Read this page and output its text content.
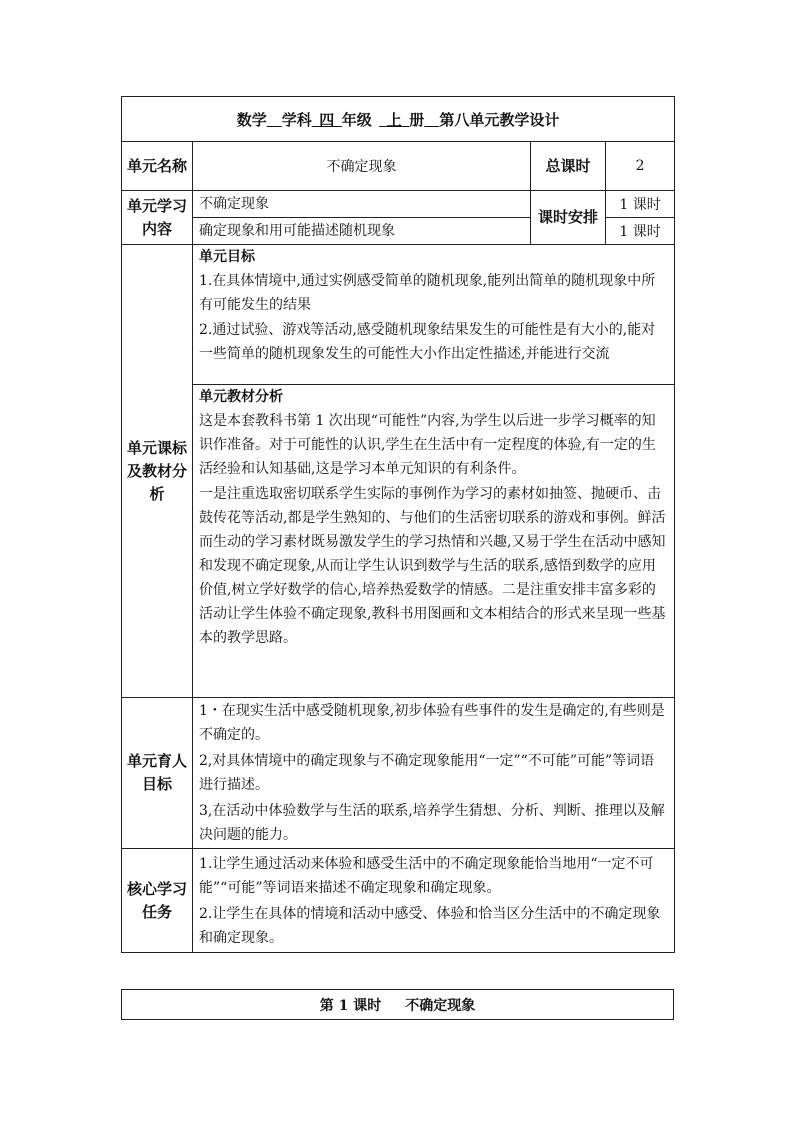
数学  学科  四  年级   上  册  第八单元教学设计			
单元名称	不确定现象	总课时	2
单元学习内容	不确定现象	课时安排	1 课时
	确定现象和用可能描述随机现象		1 课时
单元课标及教材分析	单元目标
1.在具体情境中,通过实例感受简单的随机现象,能列出简单的随机现象中所有可能发生的结果
2.通过试验、游戏等活动,感受随机现象结果发生的可能性是有大小的,能对一些简单的随机现象发生的可能性大小作出定性描述,并能进行交流		

	单元教材分析
这是本套教科书第 1 次出现“可能性”内容,为学生以后进一步学习概率的知识作准备。对于可能性的认识,学生在生活中有一定程度的体验,有一定的生活经验和认知基础,这是学习本单元知识的有利条件。
一是注重选取密切联系学生实际的事例作为学习的素材如抽签、抛硬币、击鼓传花等活动,都是学生熟知的、与他们的生活密切联系的游戏和事例。鲜活而生动的学习素材既易激发学生的学习热情和兴趣,又易于学生在活动中感知和发现不确定现象,从而让学生认识到数学与生活的联系,感悟到数学的应用价值,树立学好数学的信心,培养热爱数学的情感。二是注重安排丰富多彩的活动让学生体验不确定现象,教科书用图画和文本相结合的形式来呈现一些基本的教学思路。		

单元育人目标	1・在现实生活中感受随机现象,初步体验有些事件的发生是确定的,有些则是不确定的。
2,对具体情境中的确定现象与不确定现象能用“一定”“不可能”可能”等词语进行描述。
3,在活动中体验数学与生活的联系,培养学生猜想、分析、判断、推理以及解决问题的能力。		

核心学习任务	1.让学生通过活动来体验和感受生活中的不确定现象能恰当地用“一定不可能”“可能”等词语来描述不确定现象和确定现象。
2.让学生在具体的情境和活动中感受、体验和恰当区分生活中的不确定现象和确定现象。		
第 1 课时 不确定现象
